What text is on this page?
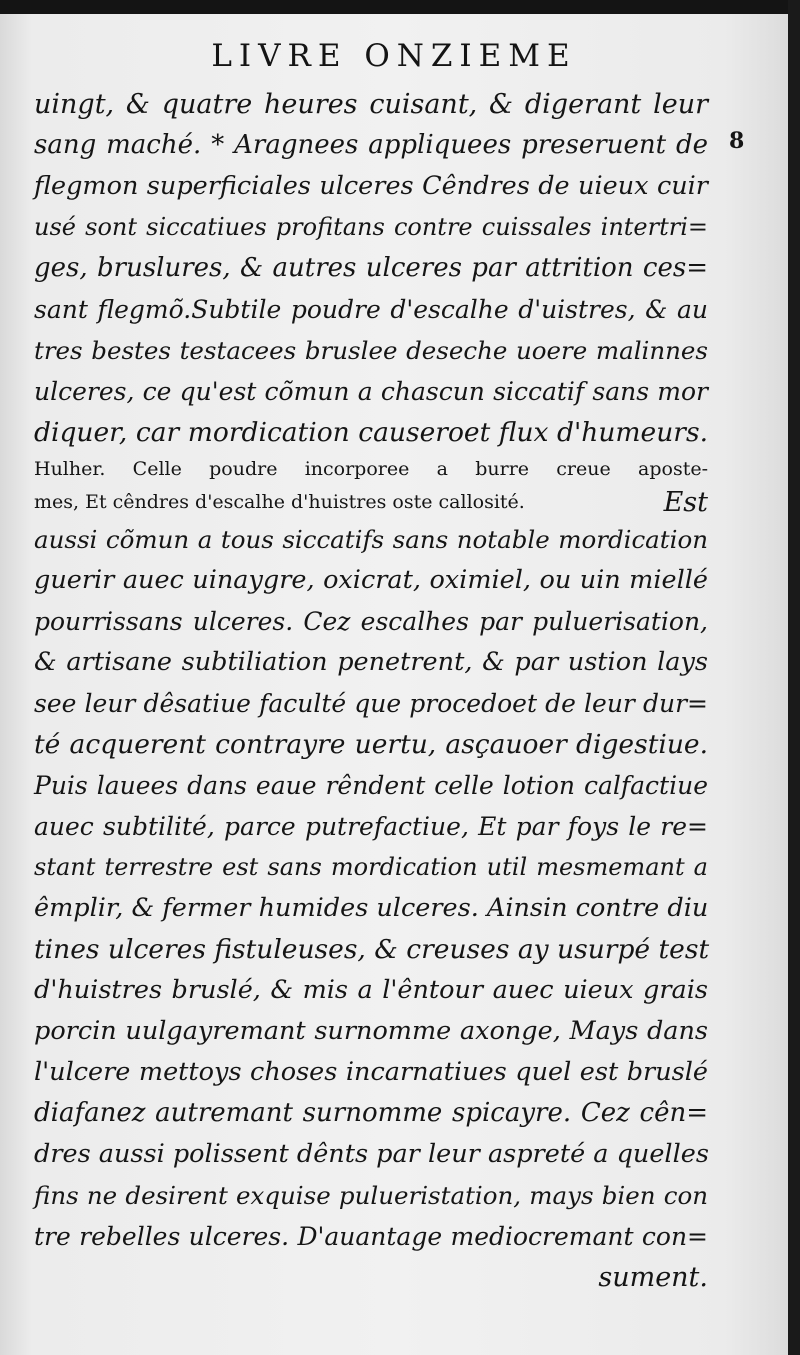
LIVRE ONZIEME
8
uingt, & quatre heures cuisant, & digerant leur
sang maché. * Aragnees appliquees preseruent de
flegmon superficiales ulceres Cêndres de uieux cuir
usé sont siccatiues profitans contre cuissales intertri=
ges, bruslures, & autres ulceres par attrition ces=
sant flegmõ.Subtile poudre d'escalhe d'uistres, & au
tres bestes testacees bruslee deseche uoere malinnes
ulceres, ce qu'est cõmun a chascun siccatif sans mor
diquer, car mordication causeroet flux d'humeurs.
Hulher. Celle poudre incorporee a burre creue aposte-
mes, Et cêndres d'escalhe d'huistres oste callosité.	Est
aussi cõmun a tous siccatifs sans notable mordication
guerir auec uinaygre, oxicrat, oximiel, ou uin miellé
pourrissans ulceres. Cez escalhes par puluerisation,
& artisane subtiliation penetrent, & par ustion lays
see leur dêsatiue faculté que procedoet de leur dur=
té acquerent contrayre uertu, asçauoer digestiue.
Puis lauees dans eaue rêndent celle lotion calfactiue
auec subtilité, parce putrefactiue, Et par foys le re=
stant terrestre est sans mordication util mesmemant a
êmplir, & fermer humides ulceres. Ainsin contre diu
tines ulceres fistuleuses, & creuses ay usurpé test
d'huistres bruslé, & mis a l'êntour auec uieux grais
porcin uulgayremant surnomme axonge, Mays dans
l'ulcere mettoys choses incarnatiues quel est bruslé
diafanez autremant surnomme spicayre. Cez cên=
dres aussi polissent dênts par leur aspreté a quelles
fins ne desirent exquise pulueristation, mays bien con
tre rebelles ulceres. D'auantage mediocremant con=
sument.
